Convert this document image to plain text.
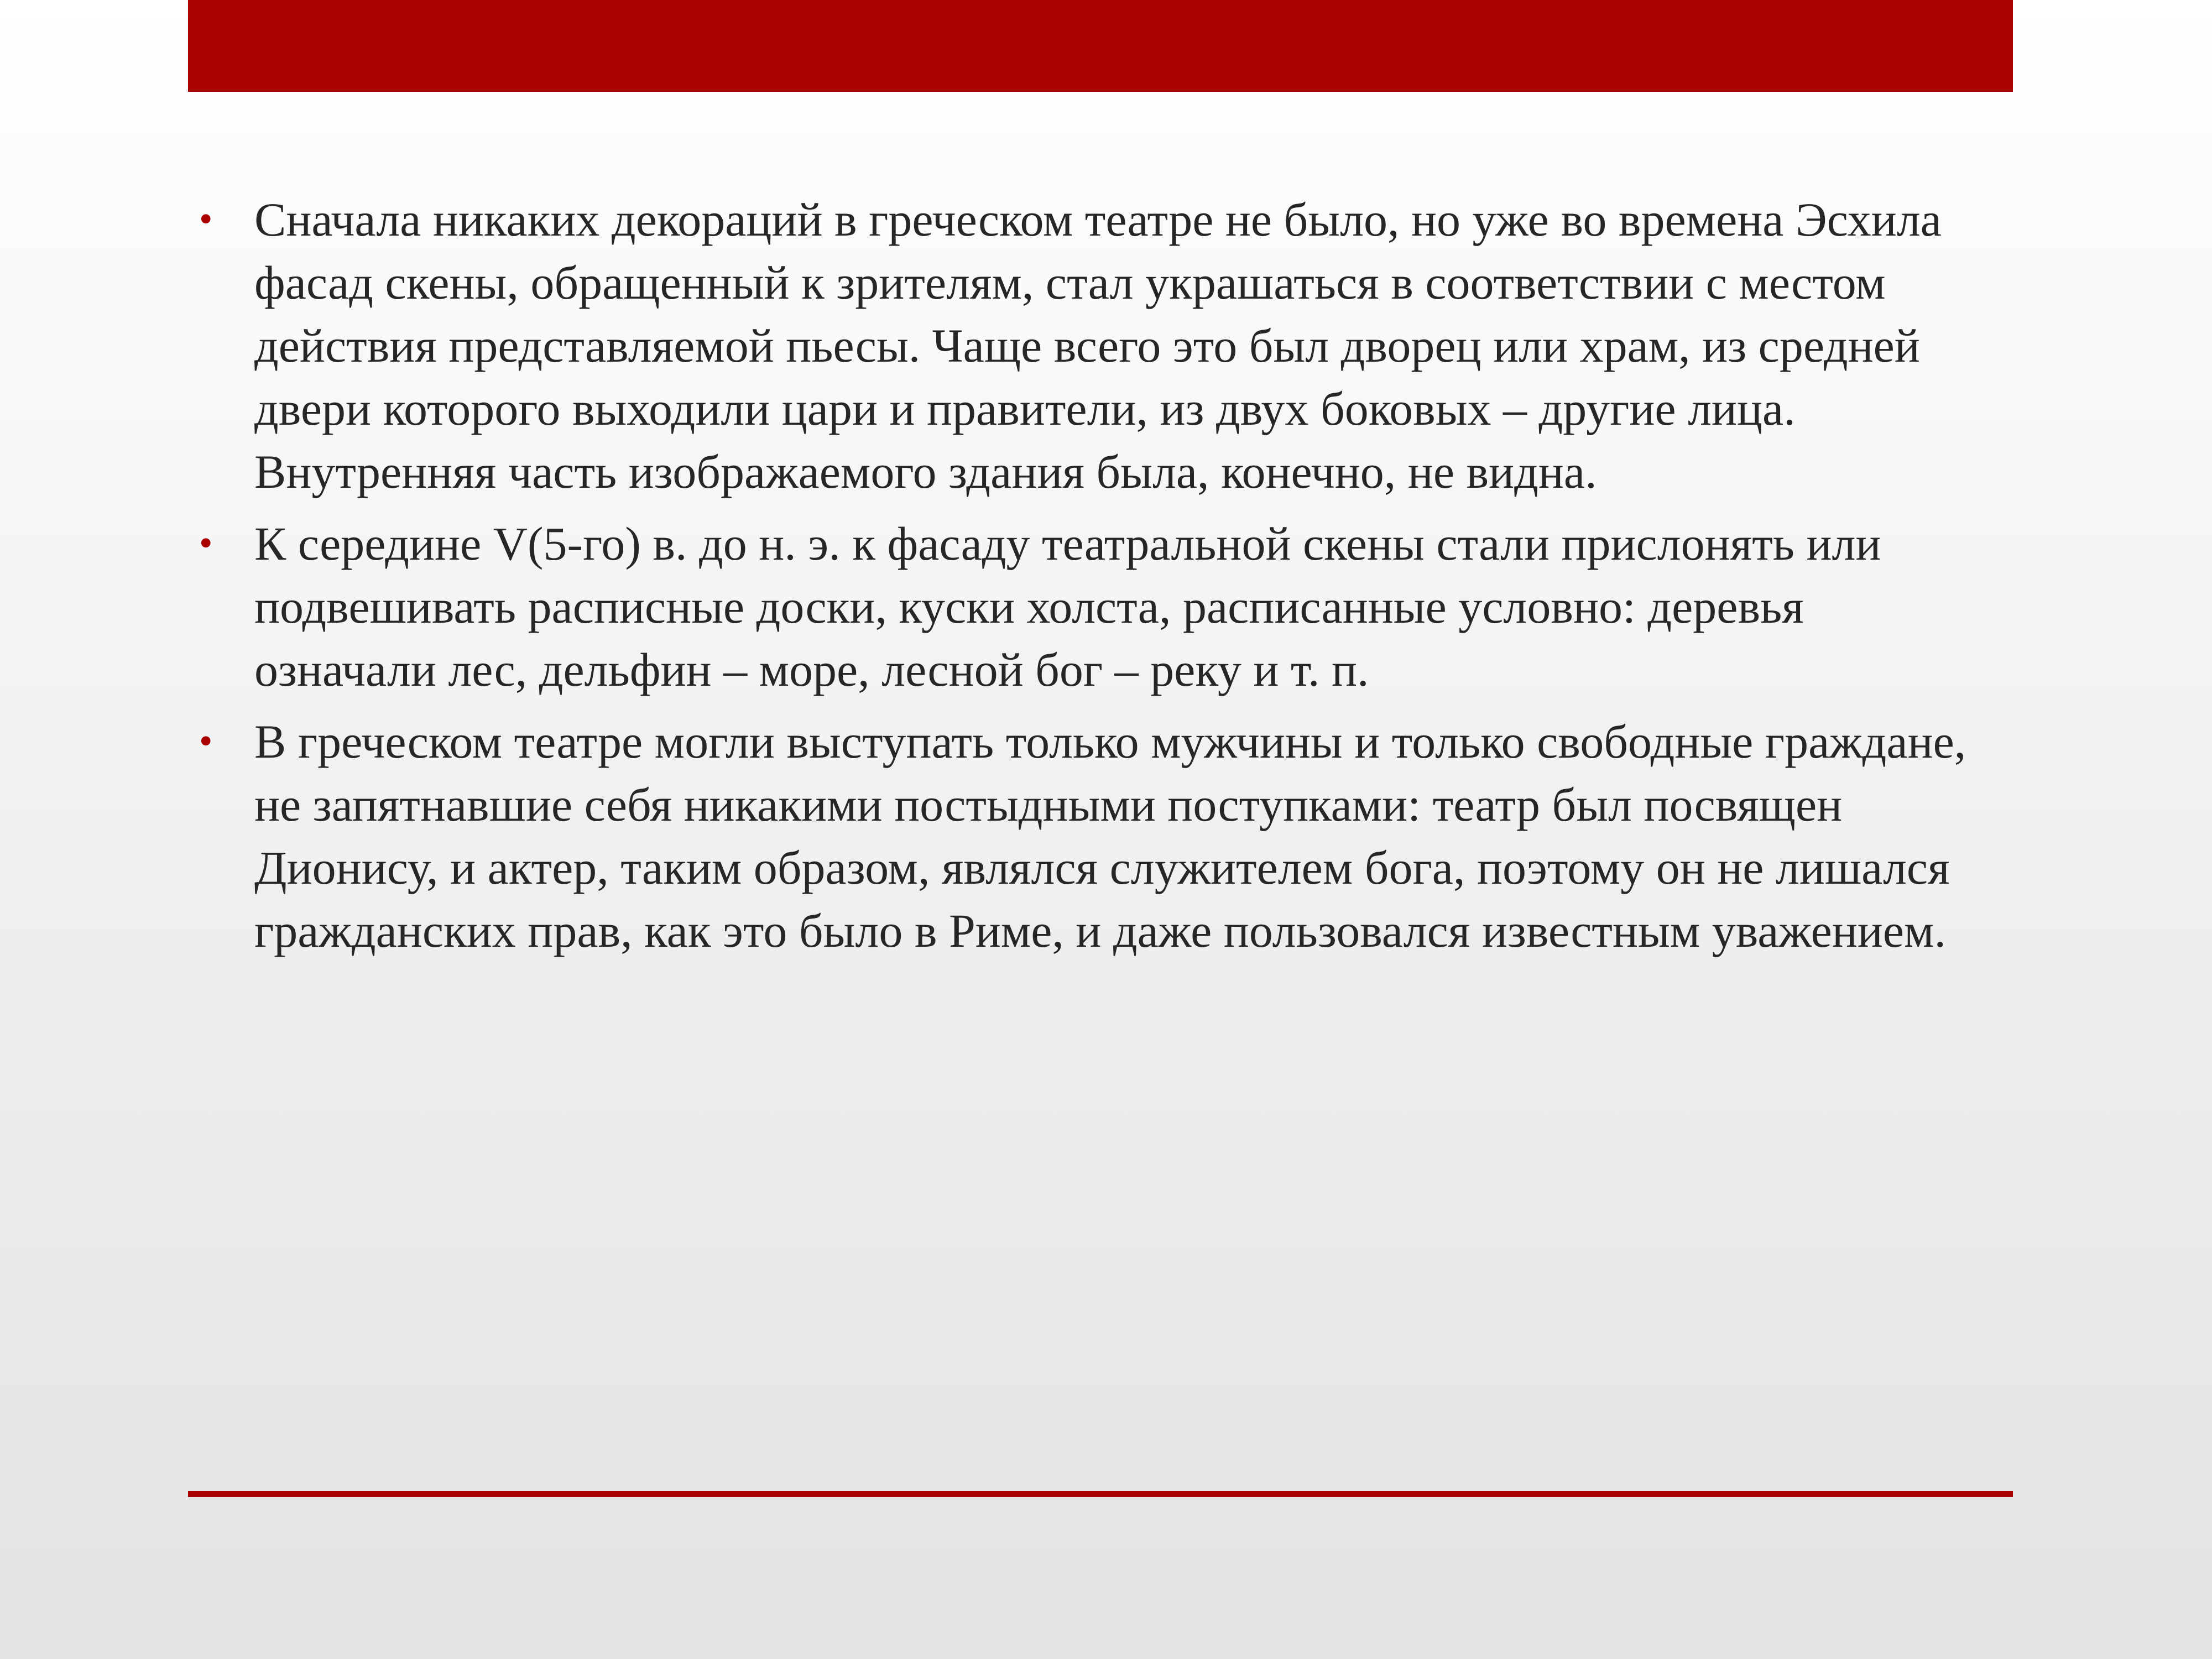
• Сначала никаких декораций в греческом театре не было, но уже во времена Эсхила фасад скены, обращенный к зрителям, стал украшаться в соответствии с местом действия представляемой пьесы. Чаще всего это был дворец или храм, из средней двери которого выходили цари и правители, из двух боковых – другие лица. Внутренняя часть изображаемого здания была, конечно, не видна.
• К середине V(5-го) в. до н. э. к фасаду театральной скены стали прислонять или подвешивать расписные доски, куски холста, расписанные условно: деревья означали лес, дельфин – море, лесной бог – реку и т. п.
• В греческом театре могли выступать только мужчины и только свободные граждане, не запятнавшие себя никакими постыдными поступками: театр был посвящен Дионису, и актер, таким образом, являлся служителем бога, поэтому он не лишался гражданских прав, как это было в Риме, и даже пользовался известным уважением.
